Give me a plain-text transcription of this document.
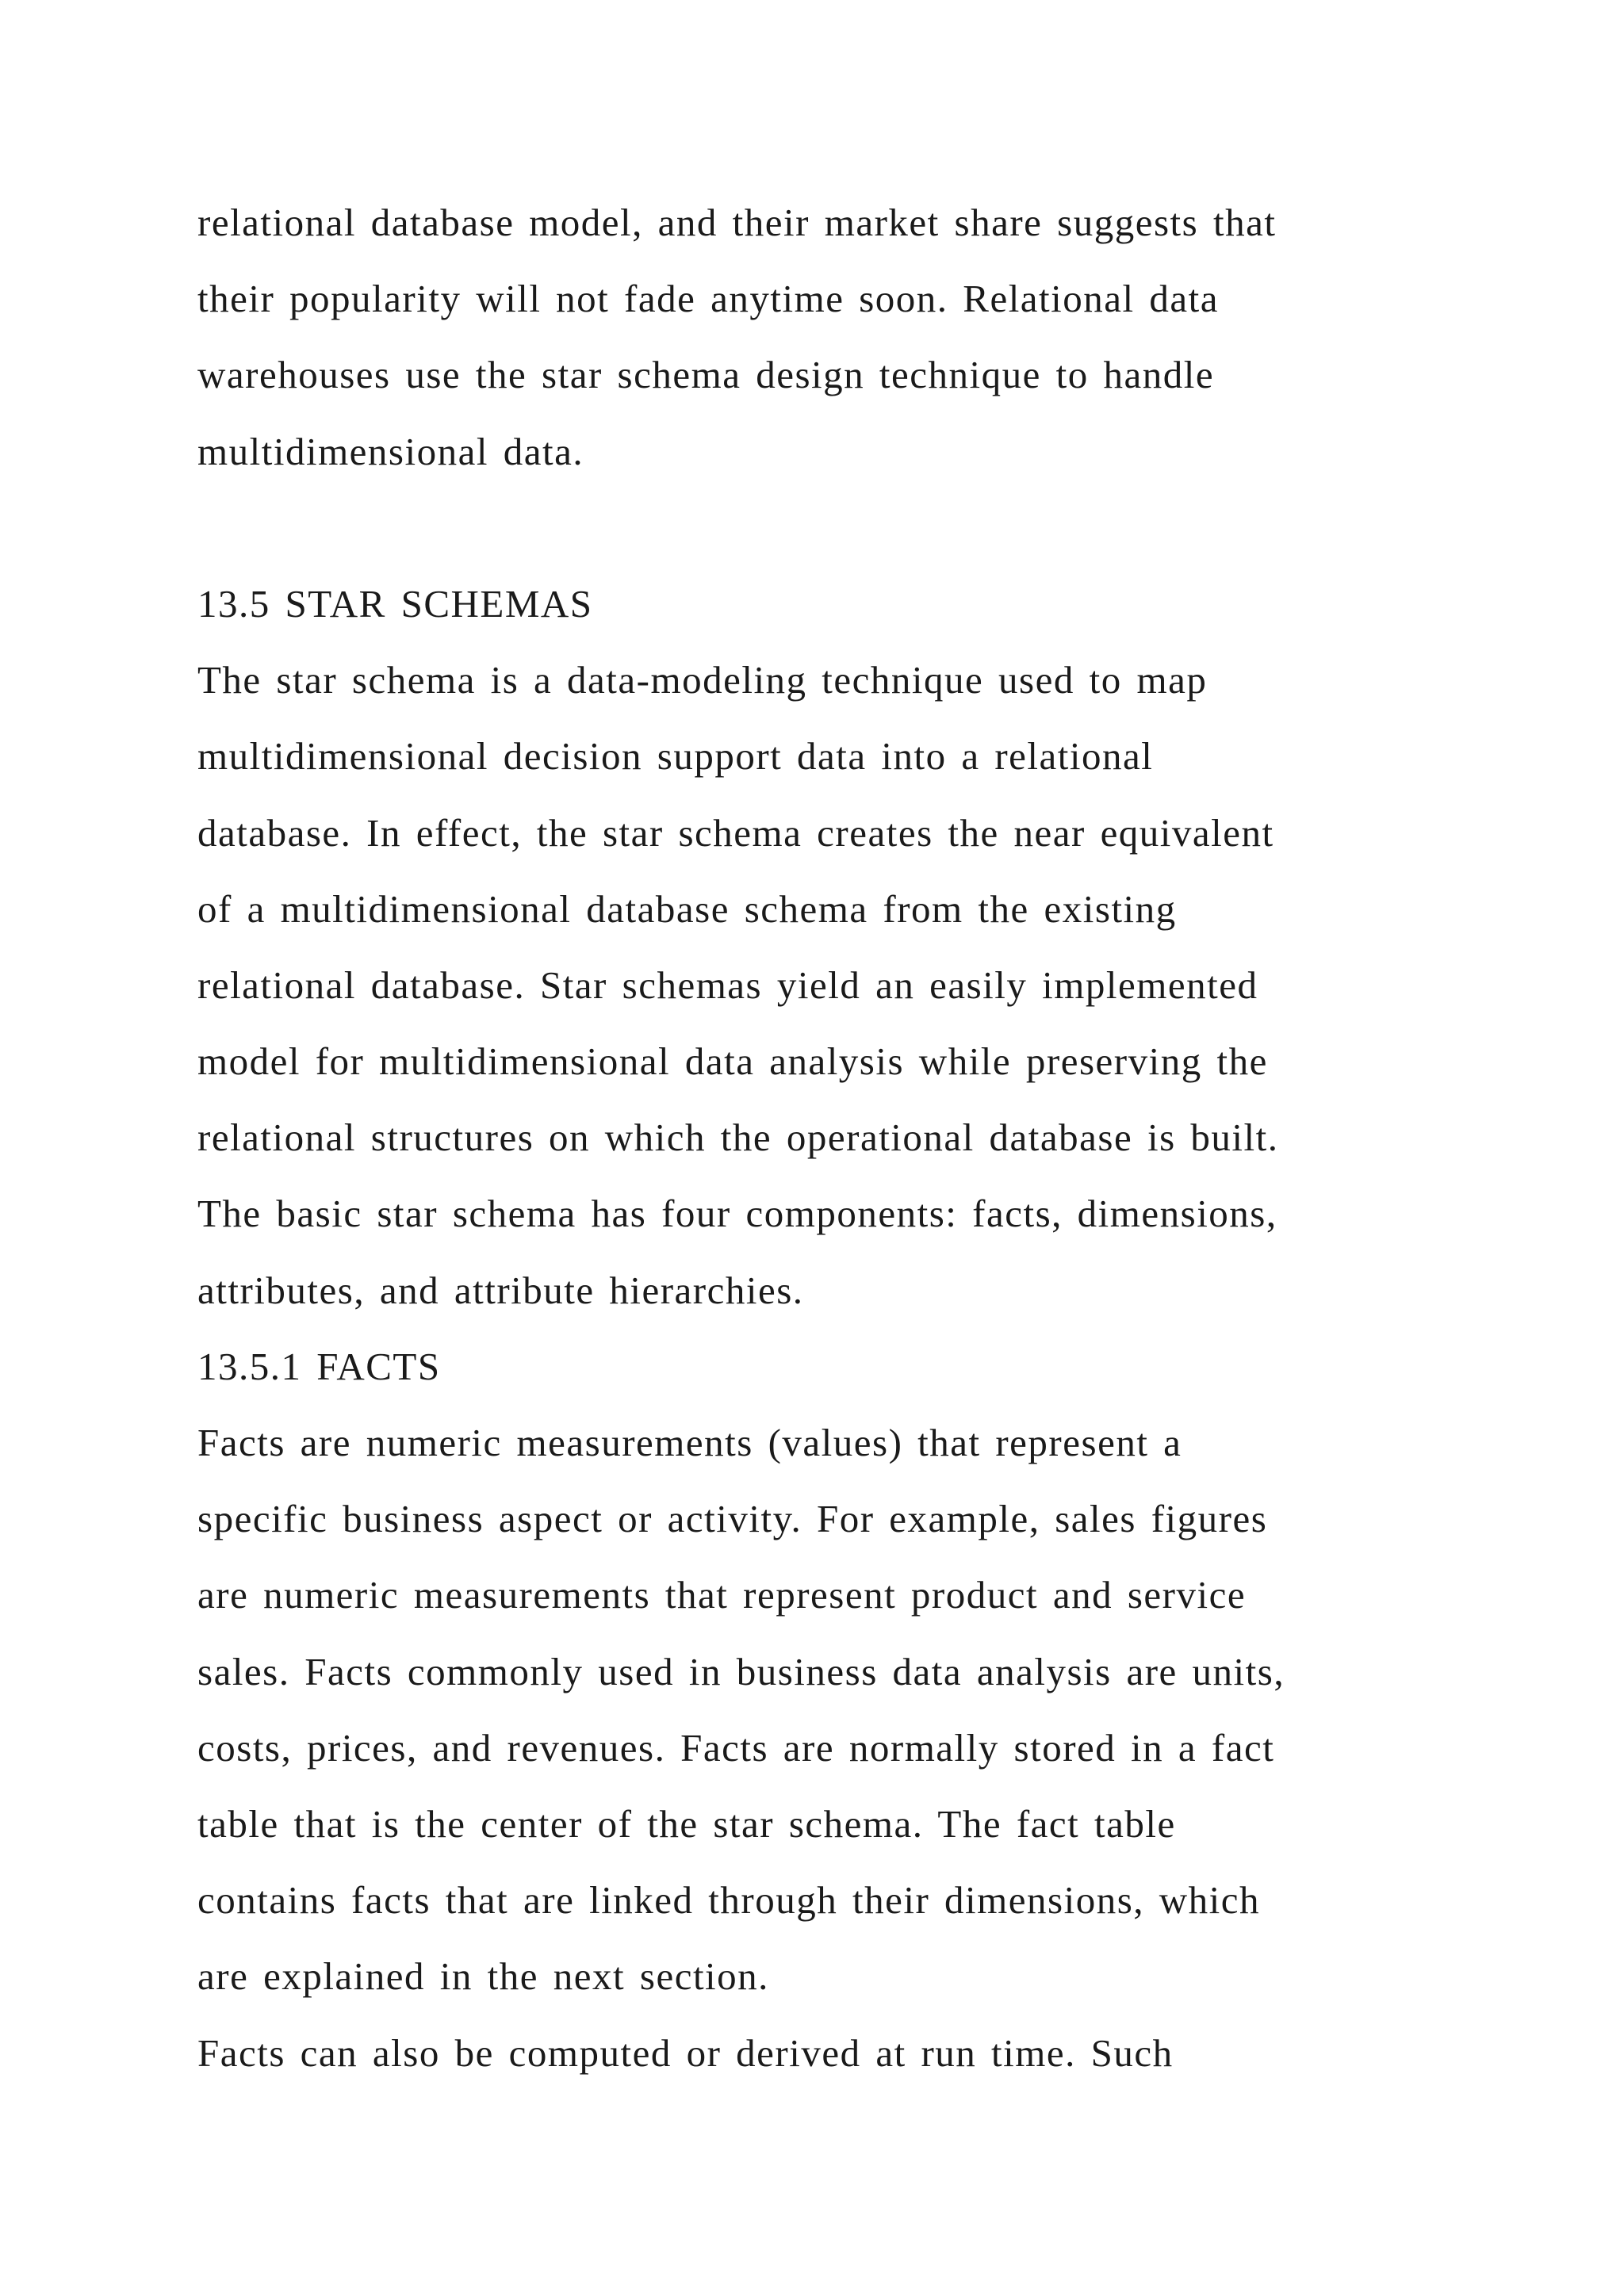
relational database model, and their market share suggests that
their popularity will not fade anytime soon. Relational data
warehouses use the star schema design technique to handle
multidimensional data.
13.5 STAR SCHEMAS
The star schema is a data-modeling technique used to map
multidimensional decision support data into a relational
database. In effect, the star schema creates the near equivalent
of a multidimensional database schema from the existing
relational database. Star schemas yield an easily implemented
model for multidimensional data analysis while preserving the
relational structures on which the operational database is built.
The basic star schema has four components: facts, dimensions,
attributes, and attribute hierarchies.
13.5.1 FACTS
Facts are numeric measurements (values) that represent a
specific business aspect or activity. For example, sales figures
are numeric measurements that represent product and service
sales. Facts commonly used in business data analysis are units,
costs, prices, and revenues. Facts are normally stored in a fact
table that is the center of the star schema. The fact table
contains facts that are linked through their dimensions, which
are explained in the next section.
Facts can also be computed or derived at run time. Such
